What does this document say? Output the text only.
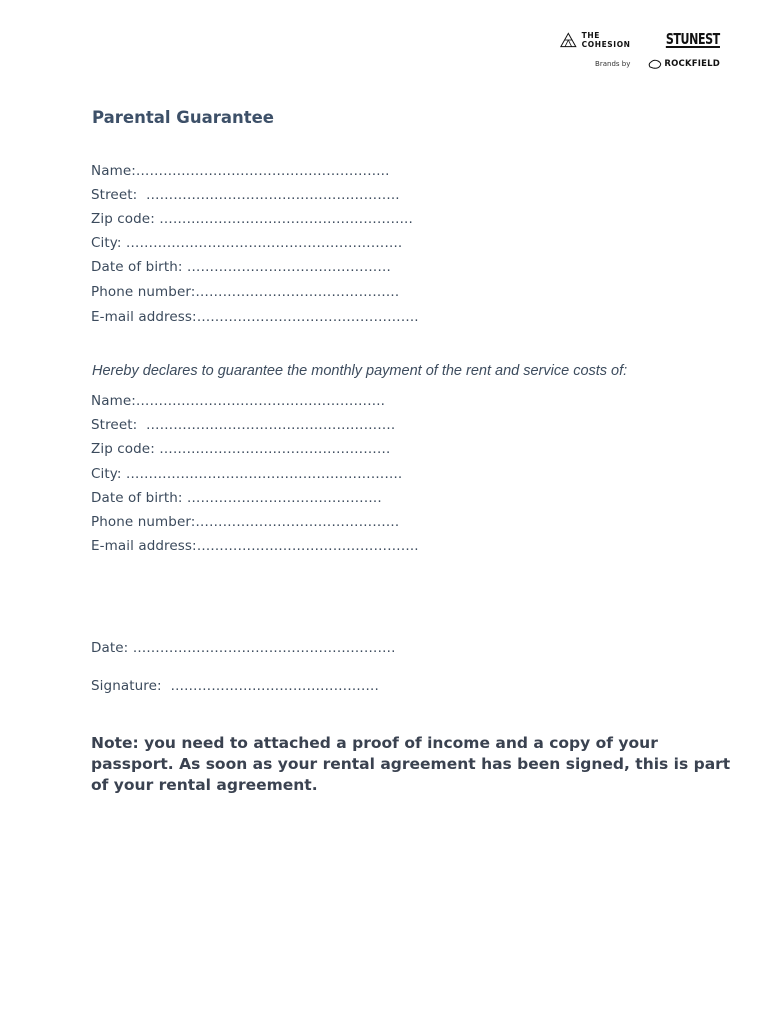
THE COHESION	STUNEST
Brands by	ROCKFIELD
Parental Guarantee
Name:………………………………………………..
Street:  ………………………………………………..
Zip code: ………………………………………………..
City: …………………………………………………….
Date of birth: ………………………………………
Phone number:………………………………………
E-mail address:………………………………………….
Hereby declares to guarantee the monthly payment of the rent and service costs of:
Name:……………………………………………….
Street:  ……………………………………………….
Zip code: ……………………………………………
City: …………………………………………………….
Date of birth: …………………………………….
Phone number:………………………………………
E-mail address:………………………………………….
Date: ………………………………………………….
Signature:  ……………………………………….
Note: you need to attached a proof of income and a copy of your passport. As soon as your rental agreement has been signed, this is part of your rental agreement.
